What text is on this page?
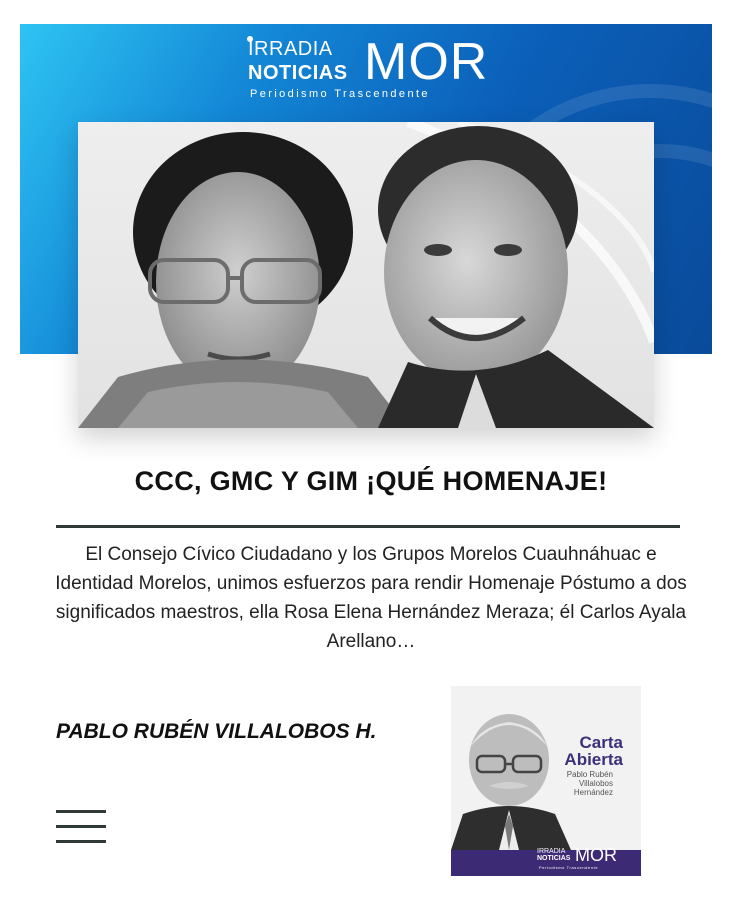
IRRADIA
NOTICIAS MOR
Periodismo Trascendente
CCC, GMC Y GIM ¡QUÉ HOMENAJE!

El Consejo Cívico Ciudadano y los Grupos Morelos Cuauhnáhuac e Identidad Morelos, unimos esfuerzos para rendir Homenaje Póstumo a dos significados maestros, ella Rosa Elena Hernández Meraza; él Carlos Ayala Arellano…

PABLO RUBÉN VILLALOBOS H.	Carta
Abierta
Pablo Rubén Villalobos Hernández
IRRADIA
NOTICIAS MOR
Periodismo Trascendente
